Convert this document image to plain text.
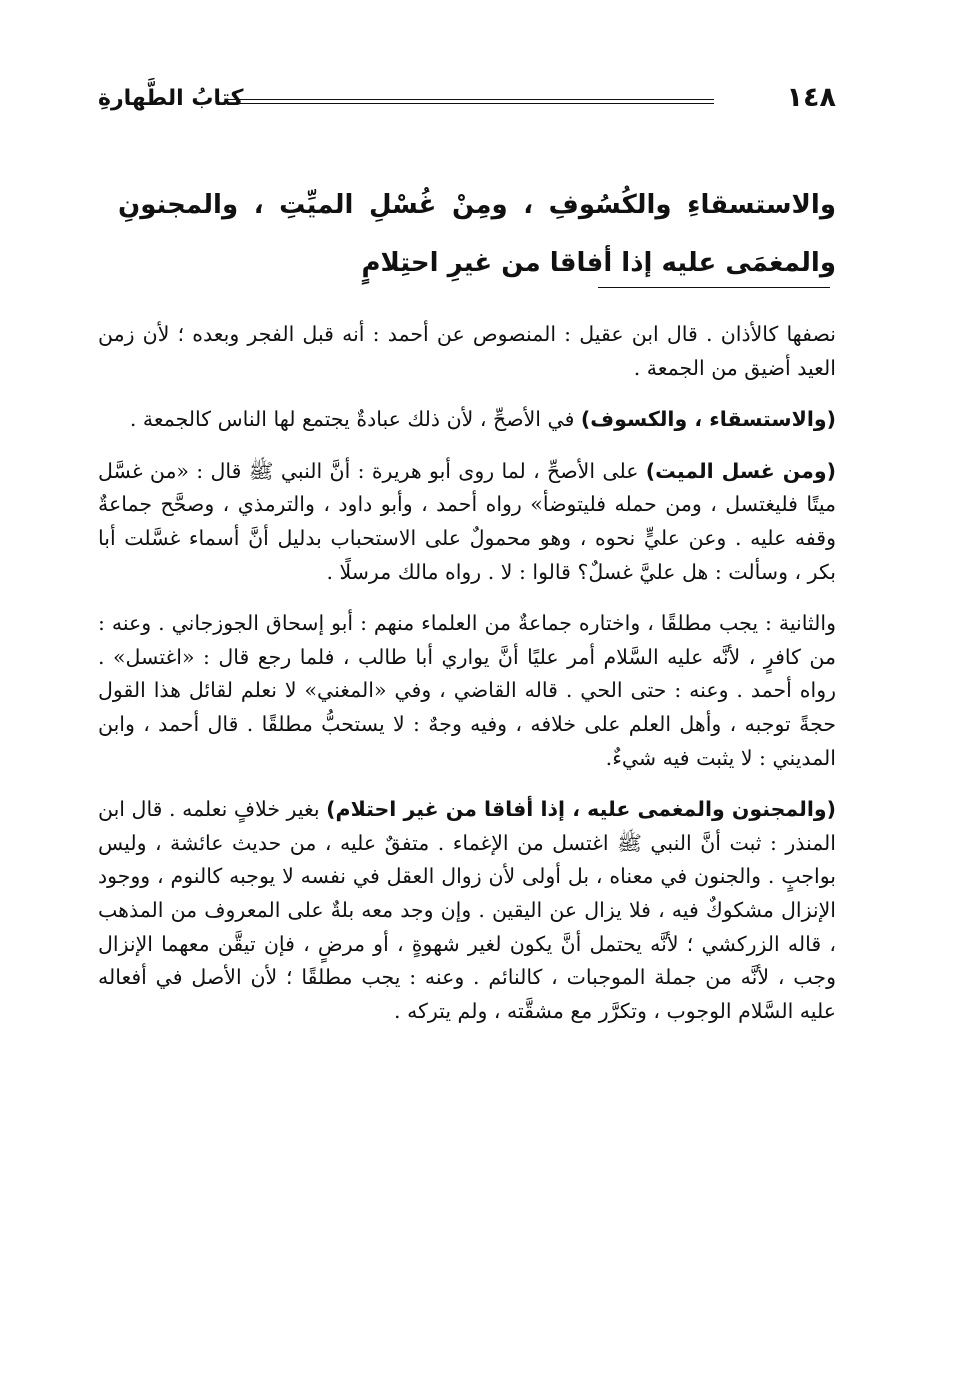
١٤٨
كتابُ الطَّهارةِ
والاستسقاءِ والكُسُوفِ ، ومِنْ غُسْلِ الميِّتِ ، والمجنونِ والمغمَى عليه إذا أفاقا من غيرِ احتِلامٍ

نصفها كالأذان . قال ابن عقيل : المنصوص عن أحمد : أنه قبل الفجر وبعده ؛ لأن زمن العيد أضيق من الجمعة .

(والاستسقاء ، والكسوف) في الأصحِّ ، لأن ذلك عبادةٌ يجتمع لها الناس كالجمعة .

(ومن غسل الميت) على الأصحِّ ، لما روى أبو هريرة : أنَّ النبي ﷺ قال : «من غسَّل ميتًا فليغتسل ، ومن حمله فليتوضأ» رواه أحمد ، وأبو داود ، والترمذي ، وصحَّح جماعةٌ وقفه عليه . وعن عليٍّ نحوه ، وهو محمولٌ على الاستحباب بدليل أنَّ أسماء غسَّلت أبا بكر ، وسألت : هل عليَّ غسلٌ؟ قالوا : لا . رواه مالك مرسلًا .

والثانية : يجب مطلقًا ، واختاره جماعةٌ من العلماء منهم : أبو إسحاق الجوزجاني . وعنه : من كافرٍ ، لأنَّه عليه السَّلام أمر عليًا أنَّ يواري أبا طالب ، فلما رجع قال : «اغتسل» . رواه أحمد . وعنه : حتى الحي . قاله القاضي ، وفي «المغني» لا نعلم لقائل هذا القول حجةً توجبه ، وأهل العلم على خلافه ، وفيه وجهٌ : لا يستحبُّ مطلقًا . قال أحمد ، وابن المديني : لا يثبت فيه شيءٌ.

(والمجنون والمغمى عليه ، إذا أفاقا من غير احتلام) بغير خلافٍ نعلمه . قال ابن المنذر : ثبت أنَّ النبي ﷺ اغتسل من الإغماء . متفقٌ عليه ، من حديث عائشة ، وليس بواجبٍ . والجنون في معناه ، بل أولى لأن زوال العقل في نفسه لا يوجبه كالنوم ، ووجود الإنزال مشكوكٌ فيه ، فلا يزال عن اليقين . وإن وجد معه بلةٌ على المعروف من المذهب ، قاله الزركشي ؛ لأنَّه يحتمل أنَّ يكون لغير شهوةٍ ، أو مرضٍ ، فإن تيقَّن معهما الإنزال وجب ، لأنَّه من جملة الموجبات ، كالنائم . وعنه : يجب مطلقًا ؛ لأن الأصل في أفعاله عليه السَّلام الوجوب ، وتكرَّر مع مشقَّته ، ولم يتركه .
